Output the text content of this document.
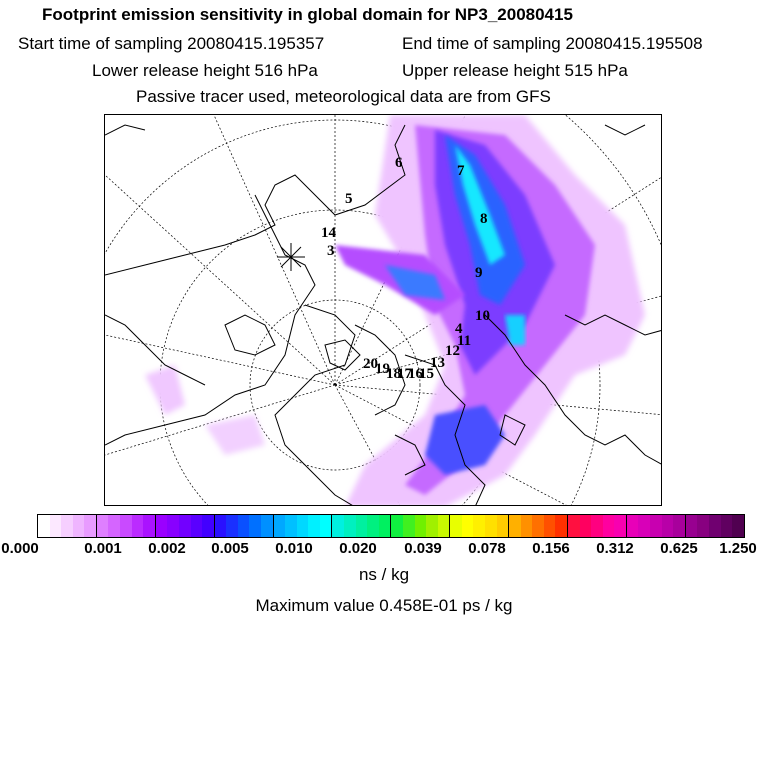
Footprint emission sensitivity in global domain for NP3_20080415
Start time of sampling 20080415.195357	End time of sampling 20080415.195508
Lower release height 516 hPa	Upper release height 515 hPa
Passive tracer used, meteorological data are from GFS
6
5
3
14
7
8
9
10
11
13
20
19
18
17
16
15
12
4
0.000	0.001 0.002 0.005 0.010 0.020 0.039 0.078 0.156 0.312 0.625 1.250
ns / kg
Maximum value 0.458E-01 ps / kg
